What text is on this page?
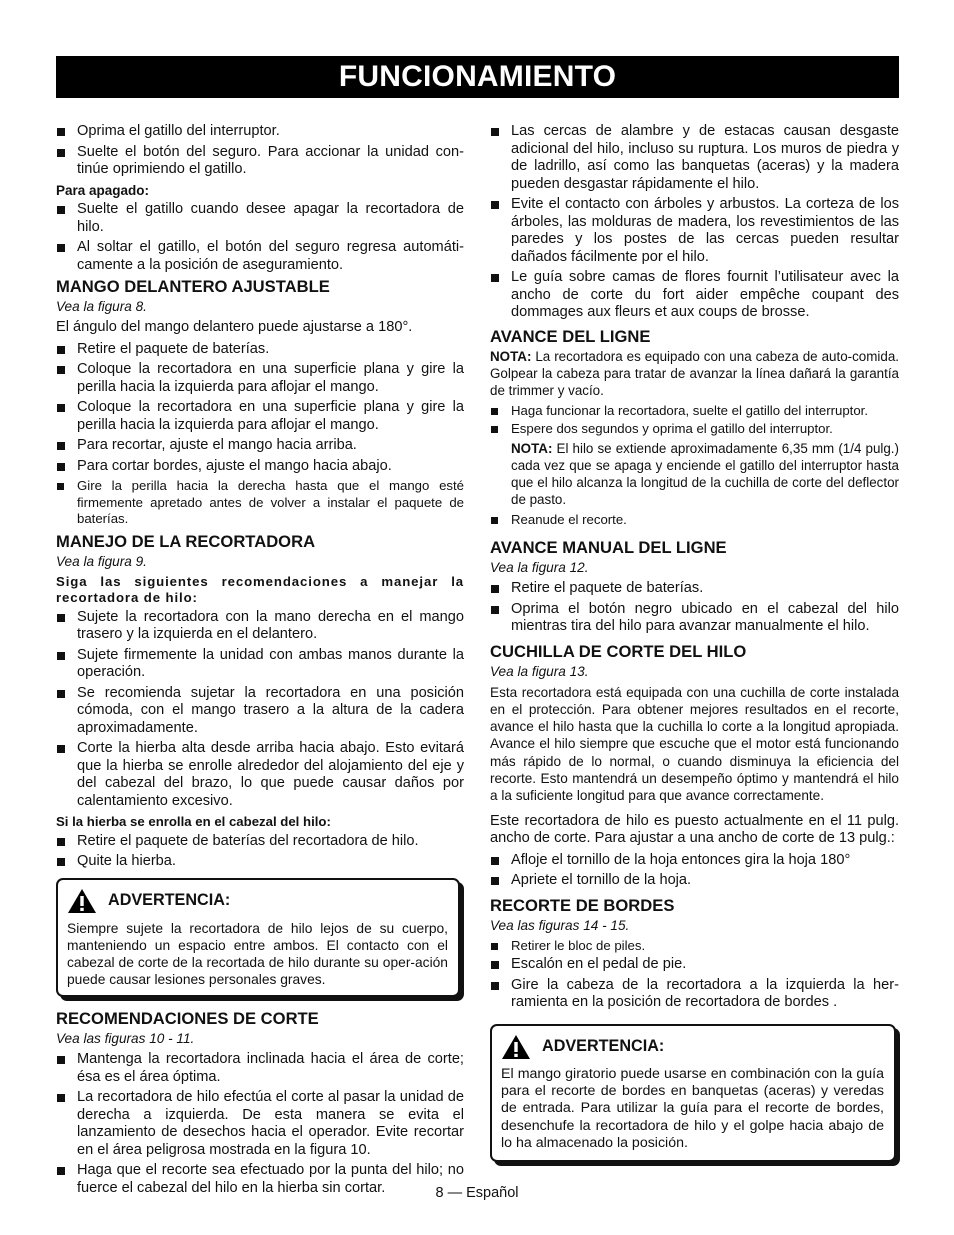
FUNCIONAMIENTO
Oprima el gatillo del interruptor.
Suelte el botón del seguro. Para accionar la unidad con-tinúe oprimiendo el gatillo.
Para apagado:
Suelte el gatillo cuando desee apagar la recortadora de hilo.
Al soltar el gatillo, el botón del seguro regresa automáti-camente a la posición de aseguramiento.
MANGO DELANTERO AJUSTABLE
Vea la figura 8.

El ángulo del mango delantero puede ajustarse a 180°.

Retire el paquete de baterías.
Coloque la recortadora en una superficie plana y gire la perilla hacia la izquierda para aflojar el mango.
Coloque la recortadora en una superficie plana y gire la perilla hacia la izquierda para aflojar el mango.
Para recortar, ajuste el mango hacia arriba.
Para cortar bordes, ajuste el mango hacia abajo.
Gire la perilla hacia la derecha hasta que el mango esté firmemente apretado antes de volver a instalar el paquete de baterías.
MANEJO DE LA RECORTADORA
Vea la figura 9.
Siga las siguientes recomendaciones a manejar la recortadora de hilo:
Sujete la recortadora con la mano derecha en el mango trasero y la izquierda en el delantero.
Sujete firmemente la unidad con ambas manos durante la operación.
Se recomienda sujetar la recortadora en una posición cómoda, con el mango trasero a la altura de la cadera aproximadamente.
Corte la hierba alta desde arriba hacia abajo. Esto evitará que la hierba se enrolle alrededor del alojamiento del eje y del cabezal del brazo, lo que puede causar daños por calentamiento excesivo.
Si la hierba se enrolla en el cabezal del hilo:
Retire el paquete de baterías del recortadora de hilo.
Quite la hierba.
ADVERTENCIA:

Siempre sujete la recortadora de hilo lejos de su cuerpo, manteniendo un espacio entre ambos. El contacto con el cabezal de corte de la recortada de hilo durante su oper-ación puede causar lesiones personales graves.

RECOMENDACIONES DE CORTE
Vea las figuras 10 - 11.
Mantenga la recortadora inclinada hacia el área de corte; ésa es el área óptima.
La recortadora de hilo efectúa el corte al pasar la unidad de derecha a izquierda. De esta manera se evita el lanzamiento de desechos hacia el operador. Evite recortar en el área peligrosa mostrada en la figura 10.
Haga que el recorte sea efectuado por la punta del hilo; no fuerce el cabezal del hilo en la hierba sin cortar.
Las cercas de alambre y de estacas causan desgaste adicional del hilo, incluso su ruptura. Los muros de piedra y de ladrillo, así como las banquetas (aceras) y la madera pueden desgastar rápidamente el hilo.
Evite el contacto con árboles y arbustos. La corteza de los árboles, las molduras de madera, los revestimientos de las paredes y los postes de las cercas pueden resultar dañados fácilmente por el hilo.
Le guía sobre camas de flores fournit l’utilisateur avec la ancho de corte du fort aider empêche coupant des dommages aux fleurs et aux coups de brosse.
AVANCE DEL LIGNE

NOTA: La recortadora es equipado con una cabeza de auto-comida. Golpear la cabeza para tratar de avanzar la línea dañará la garantía de trimmer y vacío.

Haga funcionar la recortadora, suelte el gatillo del interruptor.
Espere dos segundos y oprima el gatillo del interruptor.

NOTA: El hilo se extiende aproximadamente 6,35 mm (1/4 pulg.) cada vez que se apaga y enciende el gatillo del interruptor hasta que el hilo alcanza la longitud de la cuchilla de corte del deflector de pasto.

Reanude el recorte.
AVANCE MANUAL DEL LIGNE
Vea la figura 12.
Retire el paquete de baterías.
Oprima el botón negro ubicado en el cabezal del hilo mientras tira del hilo para avanzar manualmente el hilo.
CUCHILLA DE CORTE DEL HILO
Vea la figura 13.

Esta recortadora está equipada con una cuchilla de corte instalada en el protección. Para obtener mejores resultados en el recorte, avance el hilo hasta que la cuchilla lo corte a la longitud apropiada. Avance el hilo siempre que escuche que el motor está funcionando más rápido de lo normal, o cuando disminuya la eficiencia del recorte. Esto mantendrá un desempeño óptimo y mantendrá el hilo a la suficiente longitud para que avance correctamente.

Este recortadora de hilo es puesto actualmente en el 11 pulg. ancho de corte. Para ajustar a una ancho de corte de 13 pulg.:

Afloje el tornillo de la hoja entonces gira la hoja 180°
Apriete el tornillo de la hoja.
RECORTE DE BORDES
Vea las figuras 14 - 15.
Retirer le bloc de piles.
Escalón en el pedal de pie.
Gire la cabeza de la recortadora a la izquierda la her-ramienta en la posición de recortadora de bordes .
ADVERTENCIA:

El mango giratorio puede usarse en combinación con la guía para el recorte de bordes en banquetas (aceras) y veredas de entrada. Para utilizar la guía para el recorte de bordes, desenchufe la recortadora de hilo y el golpe hacia abajo de lo ha almacenado la posición.

8 — Español
